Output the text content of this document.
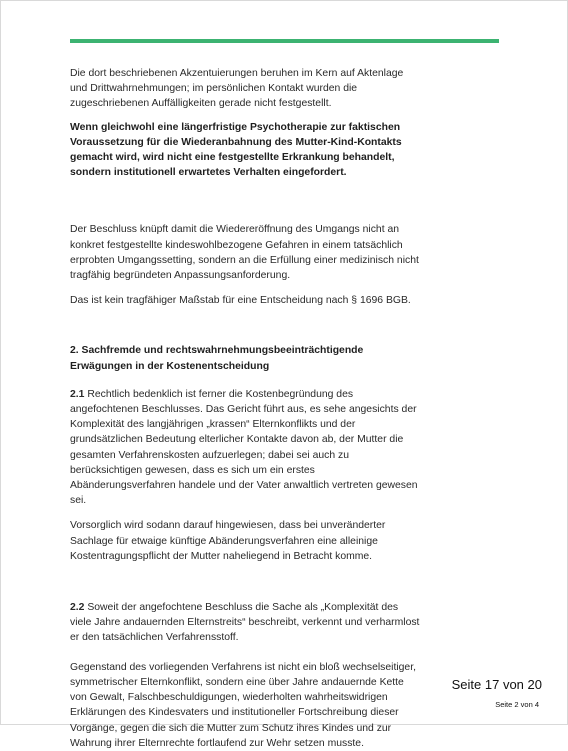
Die dort beschriebenen Akzentuierungen beruhen im Kern auf Aktenlage und Drittwahrnehmungen; im persönlichen Kontakt wurden die zugeschriebenen Auffälligkeiten gerade nicht festgestellt.

Wenn gleichwohl eine längerfristige Psychotherapie zur faktischen Voraussetzung für die Wiederanbahnung des Mutter-Kind-Kontakts gemacht wird, wird nicht eine festgestellte Erkrankung behandelt, sondern institutionell erwartetes Verhalten eingefordert.

Der Beschluss knüpft damit die Wiedereröffnung des Umgangs nicht an konkret festgestellte kindeswohlbezogene Gefahren in einem tatsächlich erprobten Umgangssetting, sondern an die Erfüllung einer medizinisch nicht tragfähig begründeten Anpassungsanforderung.

Das ist kein tragfähiger Maßstab für eine Entscheidung nach § 1696 BGB.

2. Sachfremde und rechtswahrnehmungsbeeinträchtigende Erwägungen in der Kostenentscheidung

2.1 Rechtlich bedenklich ist ferner die Kostenbegründung des angefochtenen Beschlusses. Das Gericht führt aus, es sehe angesichts der Komplexität des langjährigen „krassen“ Elternkonflikts und der grundsätzlichen Bedeutung elterlicher Kontakte davon ab, der Mutter die gesamten Verfahrenskosten aufzuerlegen; dabei sei auch zu berücksichtigen gewesen, dass es sich um ein erstes Abänderungsverfahren handele und der Vater anwaltlich vertreten gewesen sei.

Vorsorglich wird sodann darauf hingewiesen, dass bei unveränderter Sachlage für etwaige künftige Abänderungsverfahren eine alleinige Kostentragungspflicht der Mutter naheliegend in Betracht komme.

2.2 Soweit der angefochtene Beschluss die Sache als „Komplexität des viele Jahre andauernden Elternstreits“ beschreibt, verkennt und verharmlost er den tatsächlichen Verfahrensstoff.

Gegenstand des vorliegenden Verfahrens ist nicht ein bloß wechselseitiger, symmetrischer Elternkonflikt, sondern eine über Jahre andauernde Kette von Gewalt, Falschbeschuldigungen, wiederholten wahrheitswidrigen Erklärungen des Kindesvaters und institutioneller Fortschreibung dieser Vorgänge, gegen die sich die Mutter zum Schutz ihres Kindes und zur Wahrung ihrer Elternrechte fortlaufend zur Wehr setzen musste.

Seite 17 von 20
Seite 2 von 4
